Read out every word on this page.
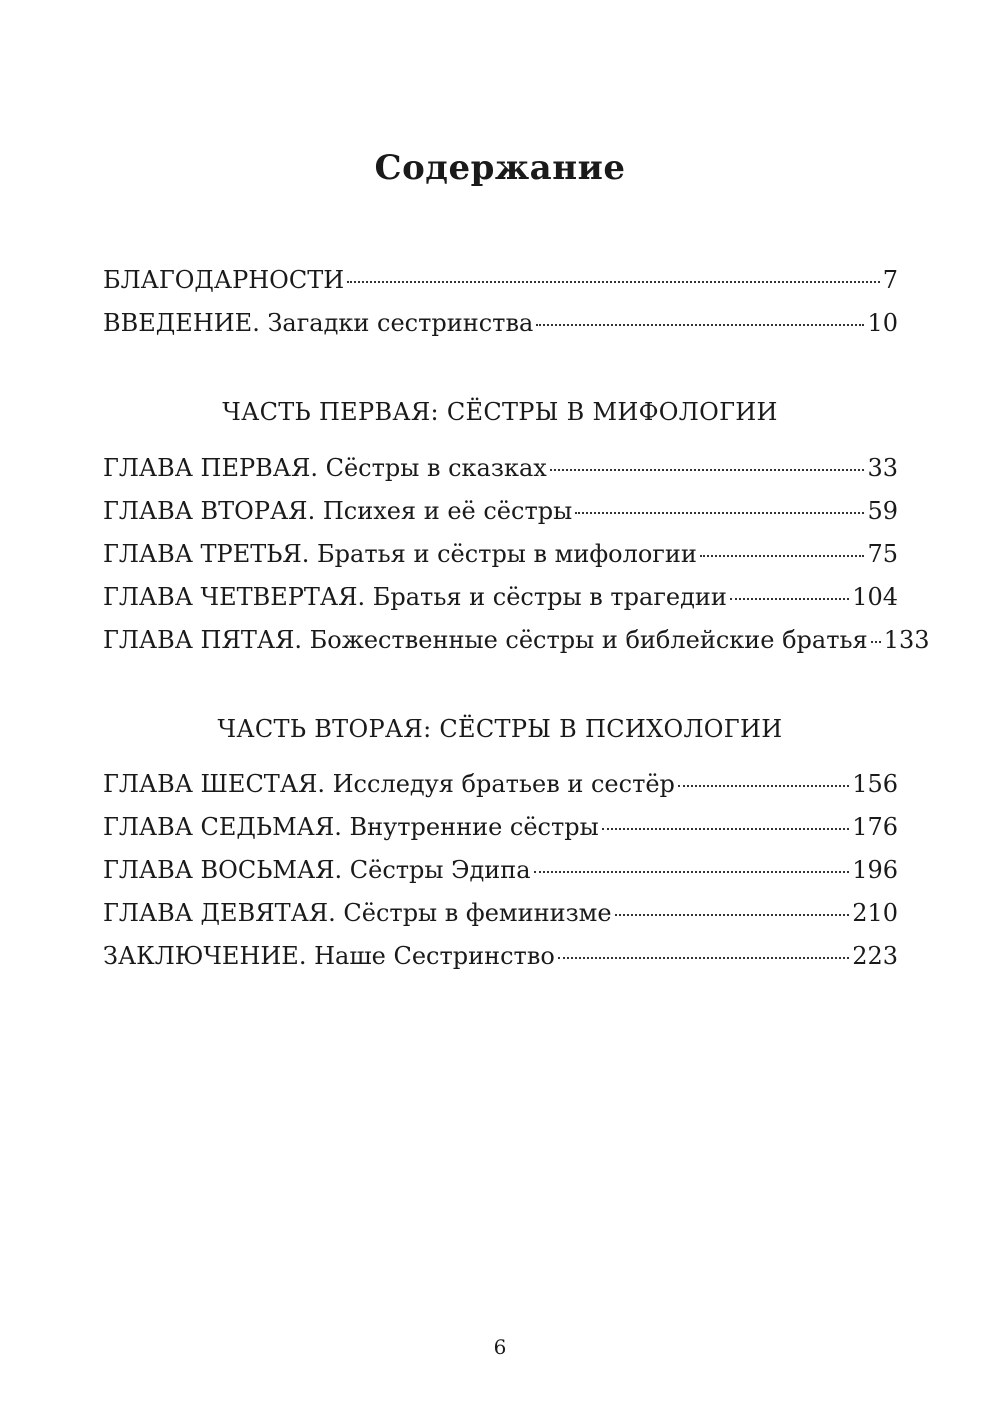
Содержание
БЛАГОДАРНОСТИ	7
ВВЕДЕНИЕ. Загадки сестринства	10
ЧАСТЬ ПЕРВАЯ: СЁСТРЫ В МИФОЛОГИИ
ГЛАВА ПЕРВАЯ. Сёстры в сказках	33
ГЛАВА ВТОРАЯ. Психея и её сёстры	59
ГЛАВА ТРЕТЬЯ. Братья и сёстры в мифологии	75
ГЛАВА ЧЕТВЕРТАЯ. Братья и сёстры в трагедии	104
ГЛАВА ПЯТАЯ. Божественные сёстры и библейские братья 133
ЧАСТЬ ВТОРАЯ: СЁСТРЫ В ПСИХОЛОГИИ
ГЛАВА ШЕСТАЯ. Исследуя братьев и сестёр	156
ГЛАВА СЕДЬМАЯ. Внутренние сёстры	176
ГЛАВА ВОСЬМАЯ. Сёстры Эдипа	196
ГЛАВА ДЕВЯТАЯ. Сёстры в феминизме	210
ЗАКЛЮЧЕНИЕ. Наше Сестринство	223
6
